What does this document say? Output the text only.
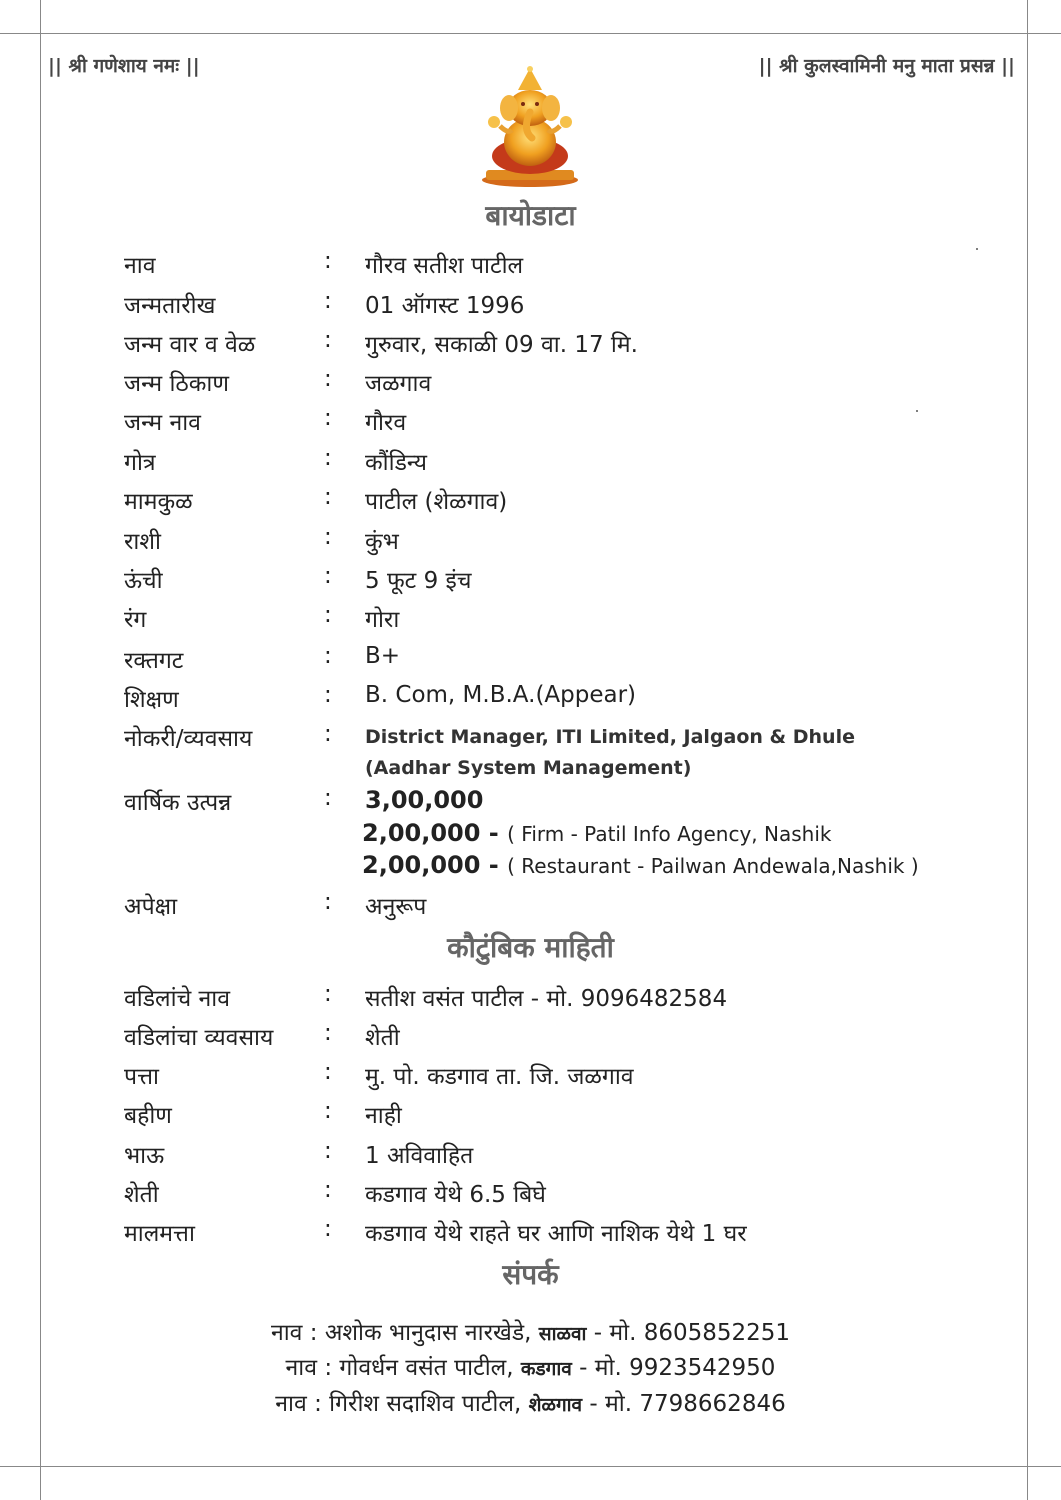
|| श्री गणेशाय नमः ||	|| श्री कुलस्वामिनी मनु माता प्रसन्न ||
बायोडाटा
नाव	: गौरव सतीश पाटील
जन्मतारीख	: 01 ऑगस्ट 1996
जन्म वार व वेळ	: गुरुवार, सकाळी 09 वा. 17 मि.
जन्म ठिकाण	: जळगाव
जन्म नाव	: गौरव
गोत्र	: कौंडिन्य
मामकुळ	: पाटील (शेळगाव)
राशी	: कुंभ
ऊंची	: 5 फूट 9 इंच
रंग	: गोरा
रक्तगट	: B+
शिक्षण	: B. Com, M.B.A.(Appear)
नोकरी/व्यवसाय	: District Manager, ITI Limited, Jalgaon & Dhule
(Aadhar System Management)
वार्षिक उत्पन्न	: 3,00,000
2,00,000 - ( Firm - Patil Info Agency, Nashik
2,00,000 - ( Restaurant - Pailwan Andewala,Nashik )
अपेक्षा	: अनुरूप
कौटुंबिक माहिती
वडिलांचे नाव	: सतीश वसंत पाटील - मो. 9096482584
वडिलांचा व्यवसाय : शेती
पत्ता	: मु. पो. कडगाव ता. जि. जळगाव
बहीण	: नाही
भाऊ	: 1 अविवाहित
शेती	: कडगाव येथे 6.5 बिघे
मालमत्ता	: कडगाव येथे राहते घर आणि नाशिक येथे 1 घर
संपर्क
नाव : अशोक भानुदास नारखेडे, साळवा - मो. 8605852251
नाव : गोवर्धन वसंत पाटील, कडगाव - मो. 9923542950
नाव : गिरीश सदाशिव पाटील, शेळगाव - मो. 7798662846
